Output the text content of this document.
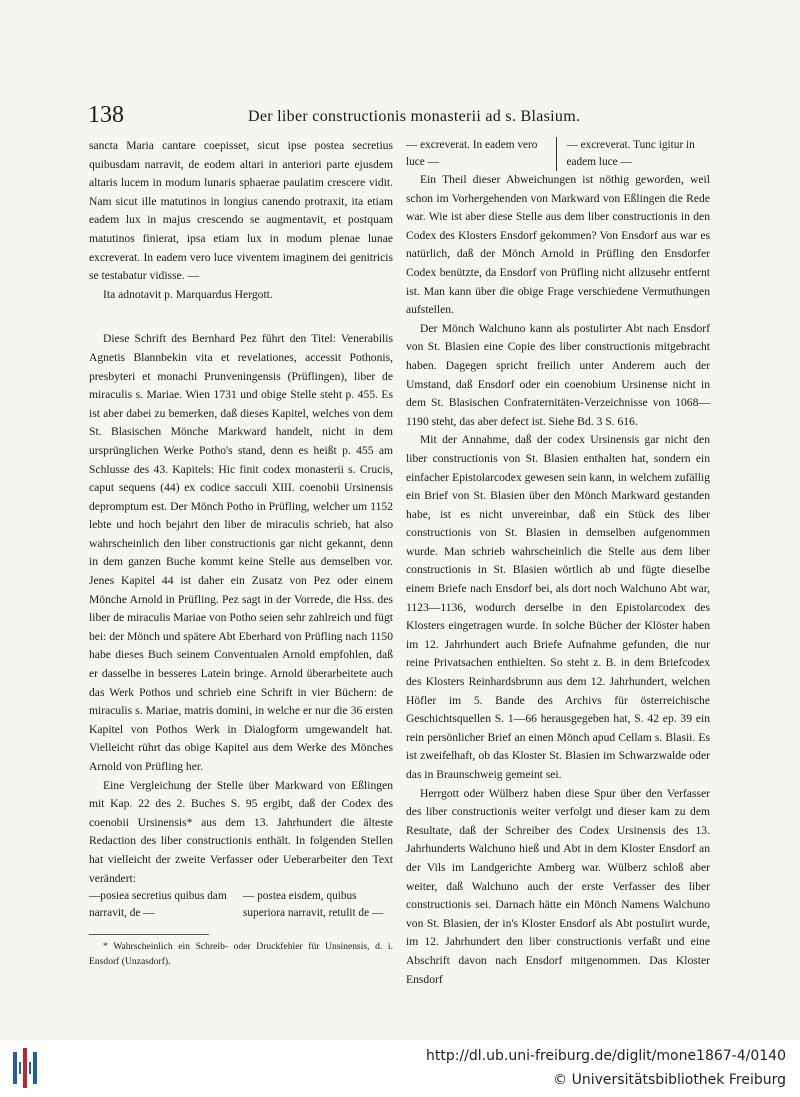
138	Der liber constructionis monasterii ad s. Blasium.

sancta Maria cantare coepisset, sicut ipse postea secretius quibusdam narravit, de eodem altari in anteriori parte ejusdem altaris lucem in modum lunaris sphaerae paulatim crescere vidit. Nam sicut ille matutinos in longius canendo protraxit, ita etiam eadem lux in majus crescendo se augmentavit, et postquam matutinos finierat, ipsa etiam lux in modum plenae lunae excreverat. In eadem vero luce viventem imaginem dei genitricis se testabatur vidisse. —

Ita adnotavit p. Marquardus Hergott.

Diese Schrift des Bernhard Pez führt den Titel: Venerabilis Agnetis Blannbekin vita et revelationes, accessit Pothonis, presbyteri et monachi Prunveningensis (Prüflingen), liber de miraculis s. Mariae. Wien 1731 und obige Stelle steht p. 455. Es ist aber dabei zu bemerken, daß dieses Kapitel, welches von dem St. Blasischen Mönche Markward handelt, nicht in dem ursprünglichen Werke Potho's stand, denn es heißt p. 455 am Schlusse des 43. Kapitels: Hic finit codex monasterii s. Crucis, caput sequens (44) ex codice sacculi XIII. coenobii Ursinensis depromptum est. Der Mönch Potho in Prüfling, welcher um 1152 lebte und hoch bejahrt den liber de miraculis schrieb, hat also wahrscheinlich den liber constructionis gar nicht gekannt, denn in dem ganzen Buche kommt keine Stelle aus demselben vor. Jenes Kapitel 44 ist daher ein Zusatz von Pez oder einem Mönche Arnold in Prüfling. Pez sagt in der Vorrede, die Hss. des liber de miraculis Mariae von Potho seien sehr zahlreich und fügt bei: der Mönch und spätere Abt Eberhard von Prüfling nach 1150 habe dieses Buch seinem Conventualen Arnold empfohlen, daß er dasselbe in besseres Latein bringe. Arnold überarbeitete auch das Werk Pothos und schrieb eine Schrift in vier Büchern: de miraculis s. Mariae, matris domini, in welche er nur die 36 ersten Kapitel von Pothos Werk in Dialogform umgewandelt hat. Vielleicht rührt das obige Kapitel aus dem Werke des Mönches Arnold von Prüfling her.

Eine Vergleichung der Stelle über Markward von Eßlingen mit Kap. 22 des 2. Buches S. 95 ergibt, daß der Codex des coenobii Ursinensis* aus dem 13. Jahrhundert die älteste Redaction des liber constructionis enthält. In folgenden Stellen hat vielleicht der zweite Verfasser oder Ueberarbeiter den Text verändert:

—posiea secretius quibus dam narravit, de —
— postea eisdem, quibus superiora narravit, retulit de —

* Wahrscheinlich ein Schreib- oder Druckfehler für Unsinensis, d. i. Ensdorf (Unzasdorf).

— excreverat. In eadem vero luce —
— excreverat. Tunc igitur in eadem luce —

Ein Theil dieser Abweichungen ist nöthig geworden, weil schon im Vorhergehenden von Markward von Eßlingen die Rede war. Wie ist aber diese Stelle aus dem liber constructionis in den Codex des Klosters Ensdorf gekommen? Von Ensdorf aus war es natürlich, daß der Mönch Arnold in Prüfling den Ensdorfer Codex benützte, da Ensdorf von Prüfling nicht allzusehr entfernt ist. Man kann über die obige Frage verschiedene Vermuthungen aufstellen.

Der Mönch Walchuno kann als postulirter Abt nach Ensdorf von St. Blasien eine Copie des liber constructionis mitgebracht haben. Dagegen spricht freilich unter Anderem auch der Umstand, daß Ensdorf oder ein coenobium Ursinense nicht in dem St. Blasischen Confraternitäten-Verzeichnisse von 1068—1190 steht, das aber defect ist. Siehe Bd. 3 S. 616.

Mit der Annahme, daß der codex Ursinensis gar nicht den liber constructionis von St. Blasien enthalten hat, sondern ein einfacher Epistolarcodex gewesen sein kann, in welchem zufällig ein Brief von St. Blasien über den Mönch Markward gestanden habe, ist es nicht unvereinbar, daß ein Stück des liber constructionis von St. Blasien in demselben aufgenommen wurde. Man schrieb wahrscheinlich die Stelle aus dem liber constructionis in St. Blasien wörtlich ab und fügte dieselbe einem Briefe nach Ensdorf bei, als dort noch Walchuno Abt war, 1123—1136, wodurch derselbe in den Epistolarcodex des Klosters eingetragen wurde. In solche Bücher der Klöster haben im 12. Jahrhundert auch Briefe Aufnahme gefunden, die nur reine Privatsachen enthielten. So steht z. B. in dem Briefcodex des Klosters Reinhardsbrunn aus dem 12. Jahrhundert, welchen Höfler im 5. Bande des Archivs für österreichische Geschichtsquellen S. 1—66 herausgegeben hat, S. 42 ep. 39 ein rein persönlicher Brief an einen Mönch apud Cellam s. Blasii. Es ist zweifelhaft, ob das Kloster St. Blasien im Schwarzwalde oder das in Braunschweig gemeint sei.

Herrgott oder Wülberz haben diese Spur über den Verfasser des liber constructionis weiter verfolgt und dieser kam zu dem Resultate, daß der Schreiber des Codex Ursinensis des 13. Jahrhunderts Walchuno hieß und Abt in dem Kloster Ensdorf an der Vils im Landgerichte Amberg war. Wülberz schloß aber weiter, daß Walchuno auch der erste Verfasser des liber constructionis sei. Darnach hätte ein Mönch Namens Walchuno von St. Blasien, der in's Kloster Ensdorf als Abt postulirt wurde, im 12. Jahrhundert den liber constructionis verfaßt und eine Abschrift davon nach Ensdorf mitgenommen. Das Kloster Ensdorf

http://dl.ub.uni-freiburg.de/diglit/mone1867-4/0140
© Universitätsbibliothek Freiburg
